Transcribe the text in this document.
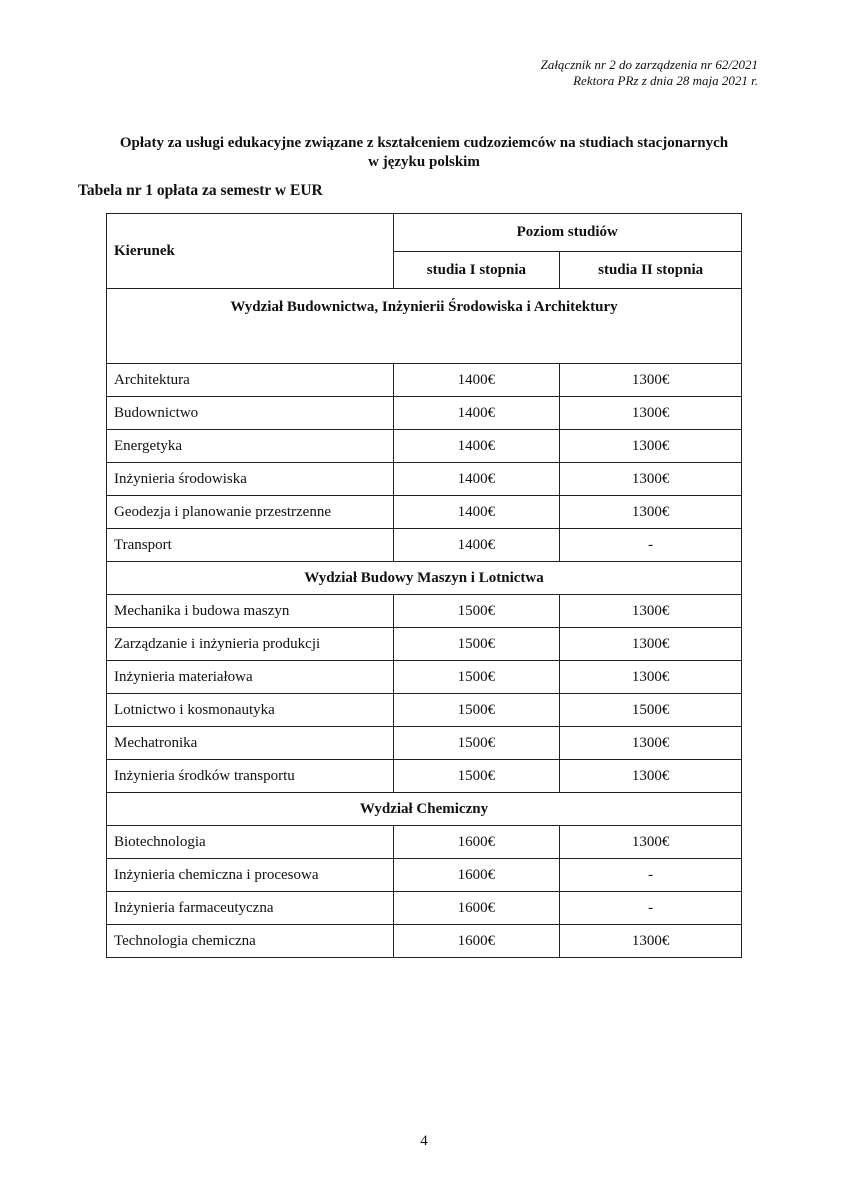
Załącznik nr 2 do zarządzenia nr 62/2021
Rektora PRz z dnia 28 maja 2021 r.
Opłaty za usługi edukacyjne związane z kształceniem cudzoziemców na studiach stacjonarnych
w języku polskim
Tabela nr 1 opłata za semestr w EUR
Kierunek	Poziom studiów	
	studia I stopnia	studia II stopnia
Wydział Budownictwa, Inżynierii Środowiska i Architektury		
Architektura	1400€	1300€
Budownictwo	1400€	1300€
Energetyka	1400€	1300€
Inżynieria środowiska	1400€	1300€
Geodezja i planowanie przestrzenne	1400€	1300€
Transport	1400€	-
Wydział Budowy Maszyn i Lotnictwa		
Mechanika i budowa maszyn	1500€	1300€
Zarządzanie i inżynieria produkcji	1500€	1300€
Inżynieria materiałowa	1500€	1300€
Lotnictwo i kosmonautyka	1500€	1500€
Mechatronika	1500€	1300€
Inżynieria środków transportu	1500€	1300€
Wydział Chemiczny		
Biotechnologia	1600€	1300€
Inżynieria chemiczna i procesowa	1600€	-
Inżynieria farmaceutyczna	1600€	-
Technologia chemiczna	1600€	1300€
4
